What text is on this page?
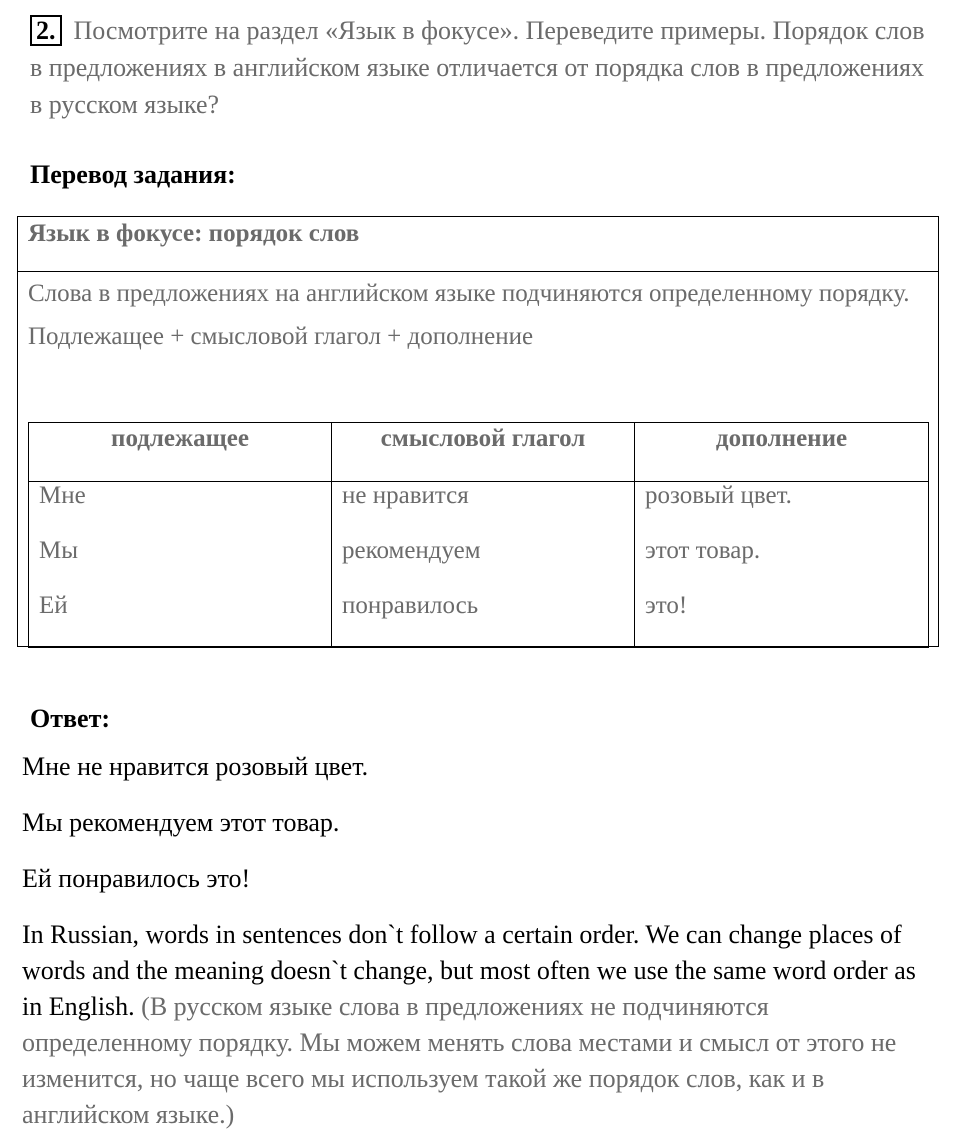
2. Посмотрите на раздел «Язык в фокусе». Переведите примеры. Порядок слов в предложениях в английском языке отличается от порядка слов в предложениях в русском языке?
Перевод задания:
Язык в фокусе: порядок слов
Слова в предложениях на английском языке подчиняются определенному порядку.
Подлежащее + смысловой глагол + дополнение
подлежащее	смысловой глагол	дополнение
Мне	не нравится	розовый цвет.
Мы	рекомендуем	этот товар.
Ей	понравилось	это!
Ответ:
Мне не нравится розовый цвет.
Мы рекомендуем этот товар.
Ей понравилось это!
In Russian, words in sentences don`t follow a certain order. We can change places of words and the meaning doesn`t change, but most often we use the same word order as in English. (В русском языке слова в предложениях не подчиняются определенному порядку. Мы можем менять слова местами и смысл от этого не изменится, но чаще всего мы используем такой же порядок слов, как и в английском языке.)
